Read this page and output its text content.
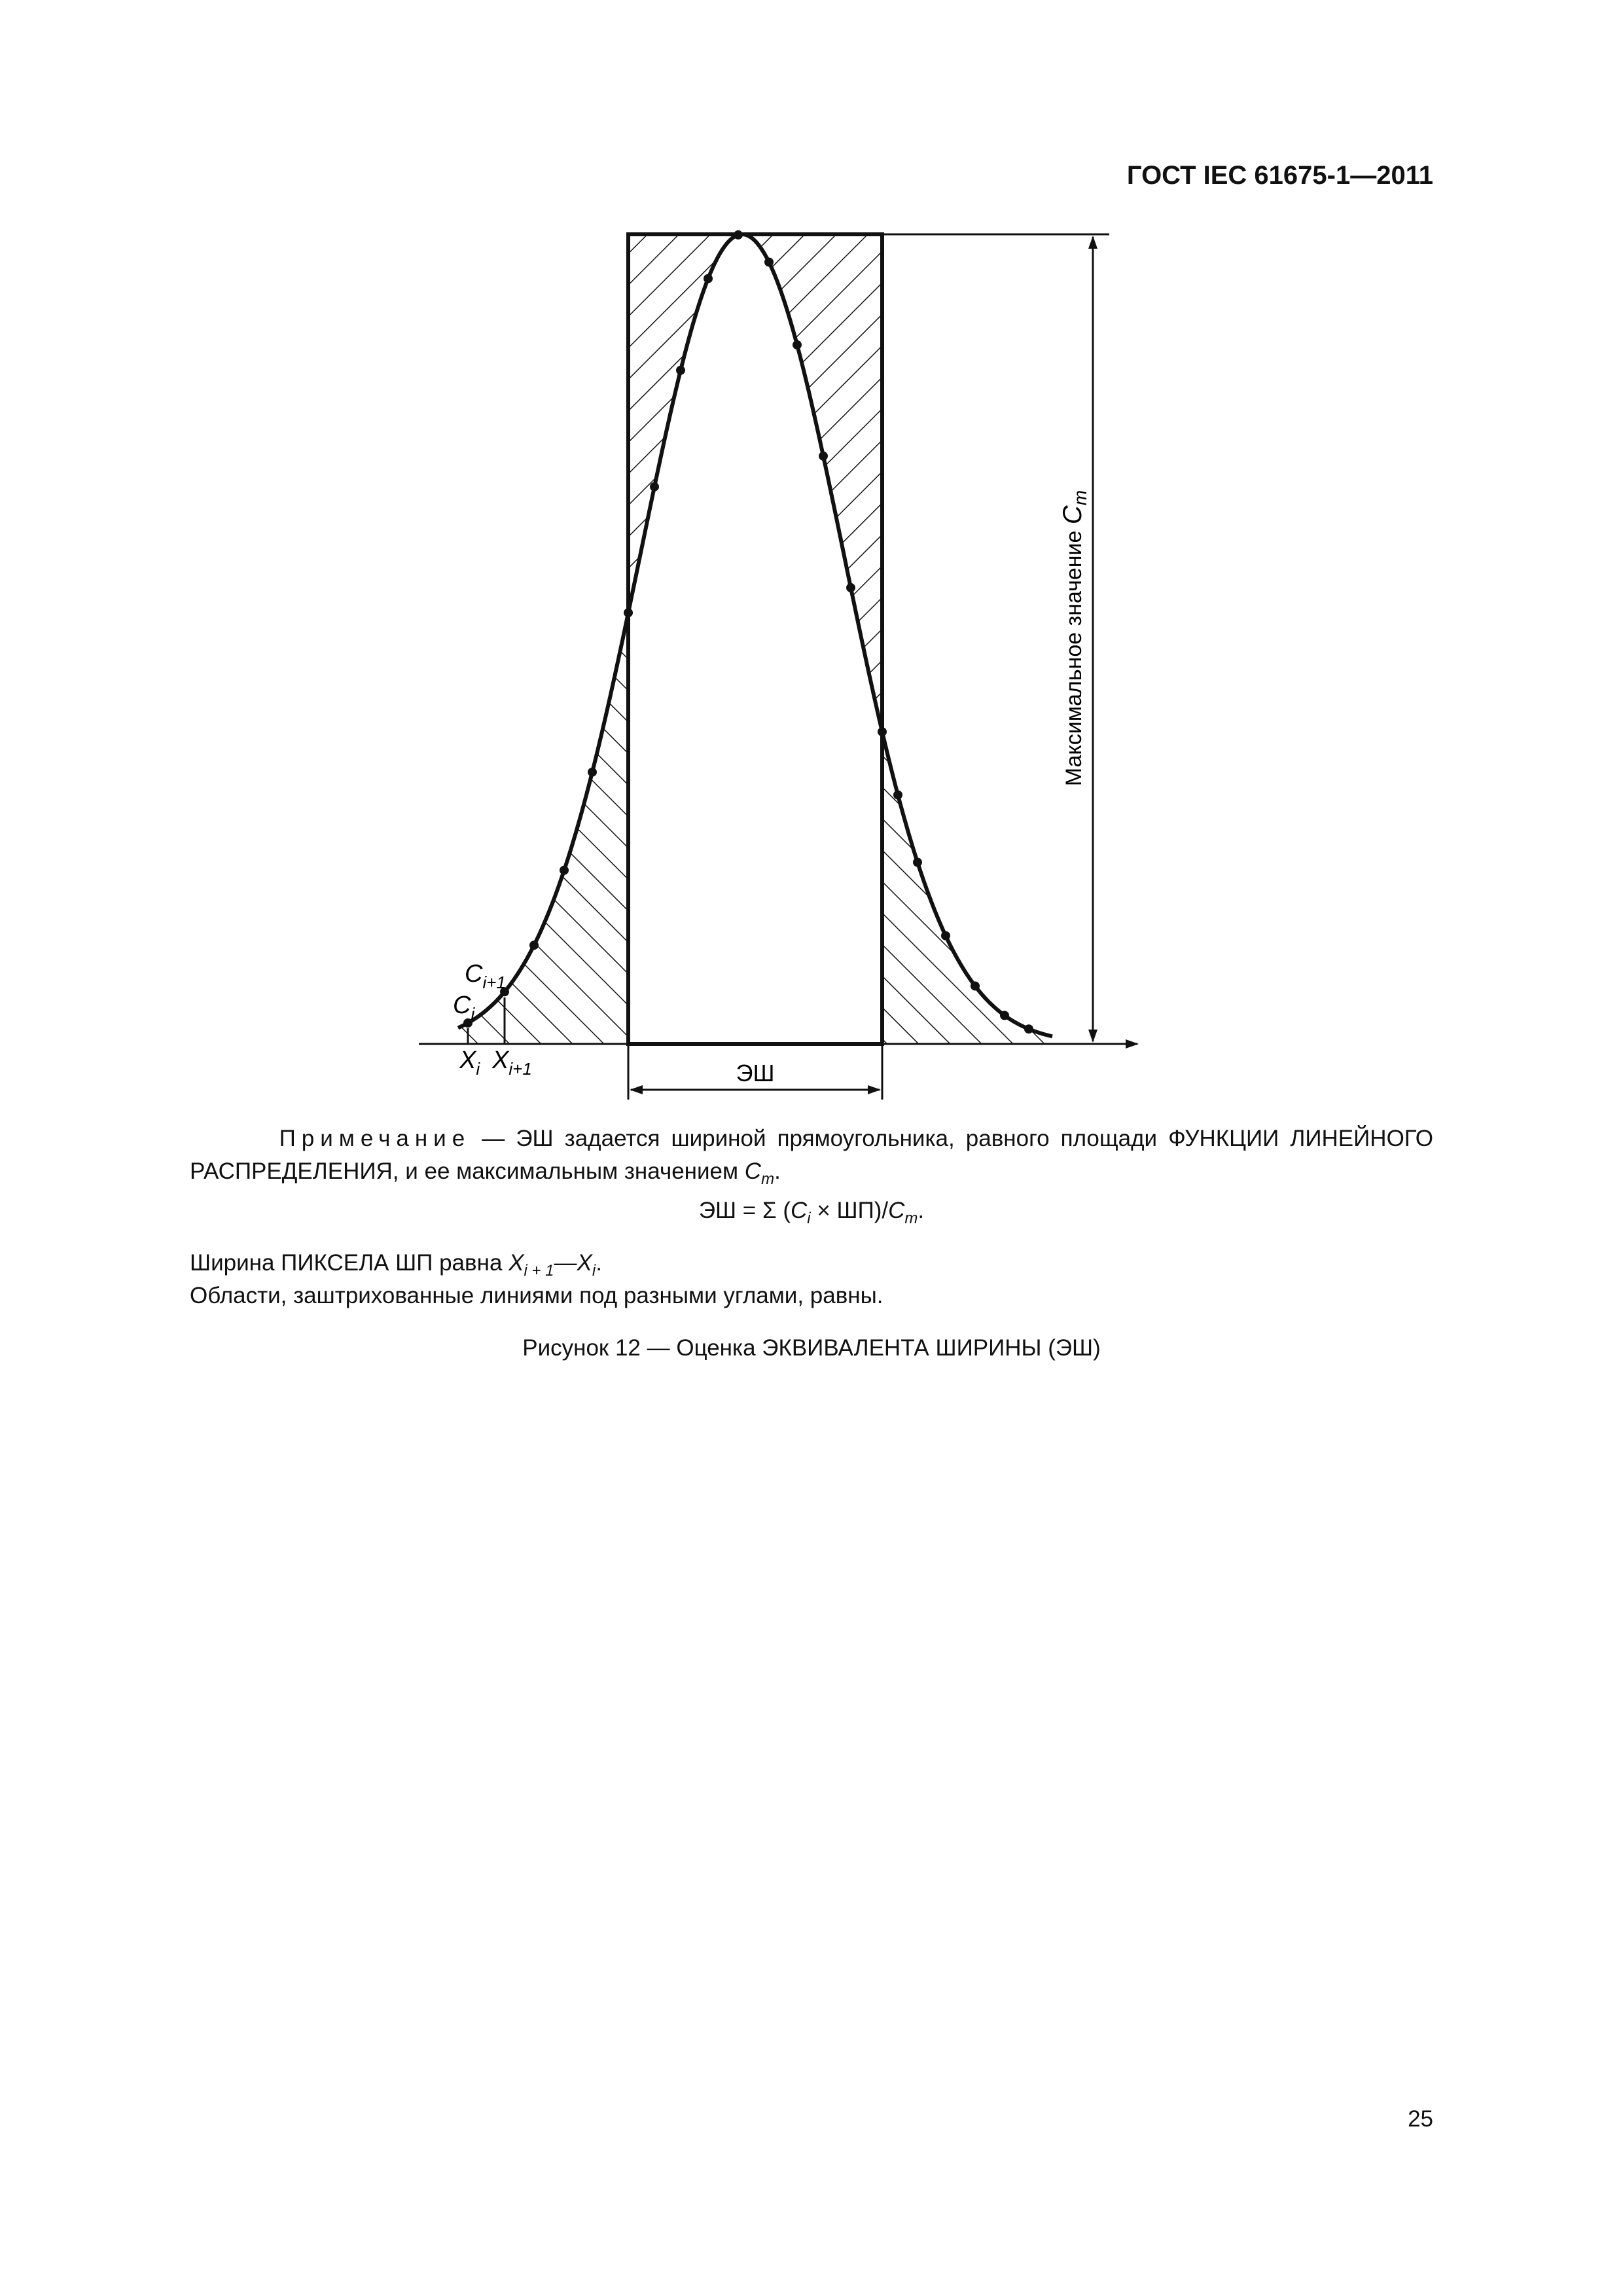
ГОСТ IEC 61675-1—2011
Максимальное значение $C_m$
ЭШ
$C_{i+1}$
$C_i$
$X_i$ $X_{i+1}$
Примечание — ЭШ задается шириной прямоугольника, равного площади ФУНКЦИИ ЛИНЕЙНОГО РАСПРЕДЕЛЕНИЯ, и ее максимальным значением $C_m$.
ЭШ = Σ $(C_i \times ШП)/C_m$.
Ширина ПИКСЕЛА ШП равна $X_{i + 1}—X_i$.
Области, заштрихованные линиями под разными углами, равны.
Рисунок 12 — Оценка ЭКВИВАЛЕНТА ШИРИНЫ (ЭШ)
25
